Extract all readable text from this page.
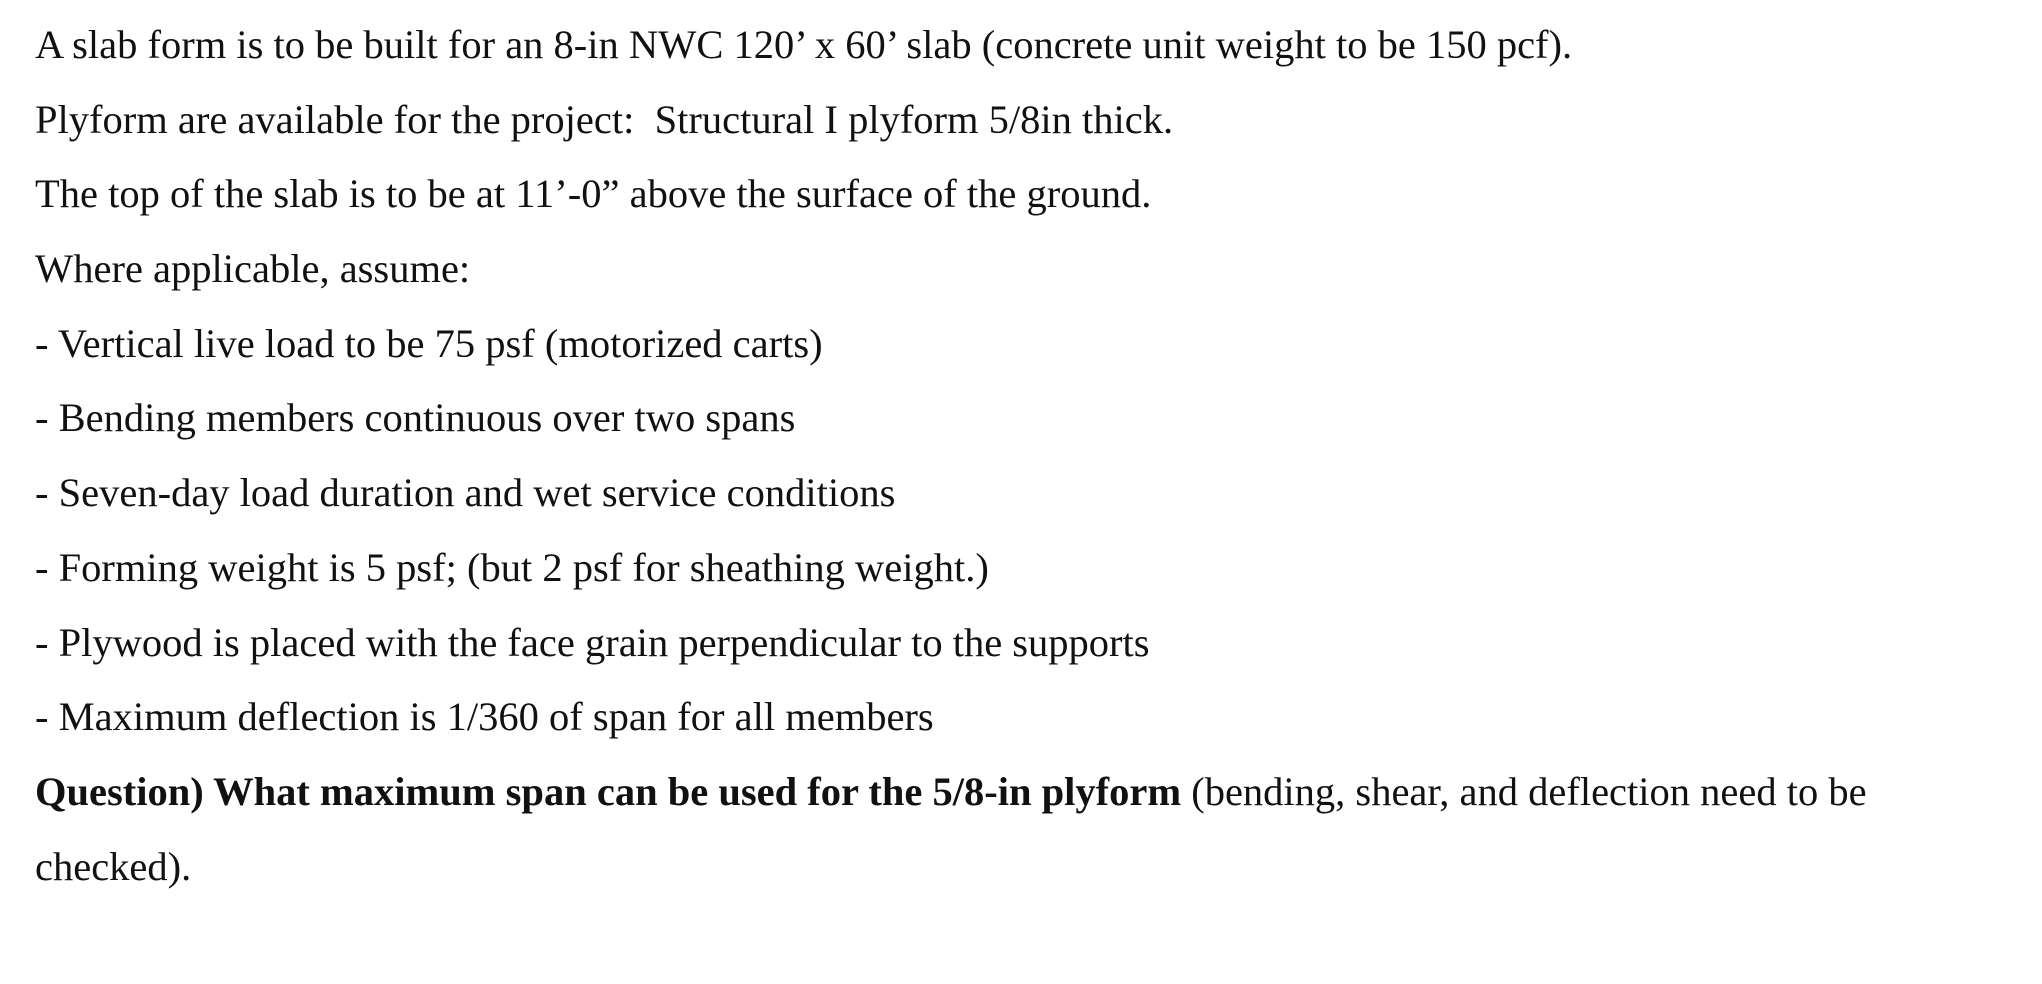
A slab form is to be built for an 8-in NWC 120’ x 60’ slab (concrete unit weight to be 150 pcf).
Plyform are available for the project:  Structural I plyform 5/8in thick.
The top of the slab is to be at 11’-0” above the surface of the ground.
Where applicable, assume:
- Vertical live load to be 75 psf (motorized carts)
- Bending members continuous over two spans
- Seven-day load duration and wet service conditions
- Forming weight is 5 psf; (but 2 psf for sheathing weight.)
- Plywood is placed with the face grain perpendicular to the supports
- Maximum deflection is 1/360 of span for all members
Question) What maximum span can be used for the 5/8-in plyform (bending, shear, and deflection need to be
checked).
